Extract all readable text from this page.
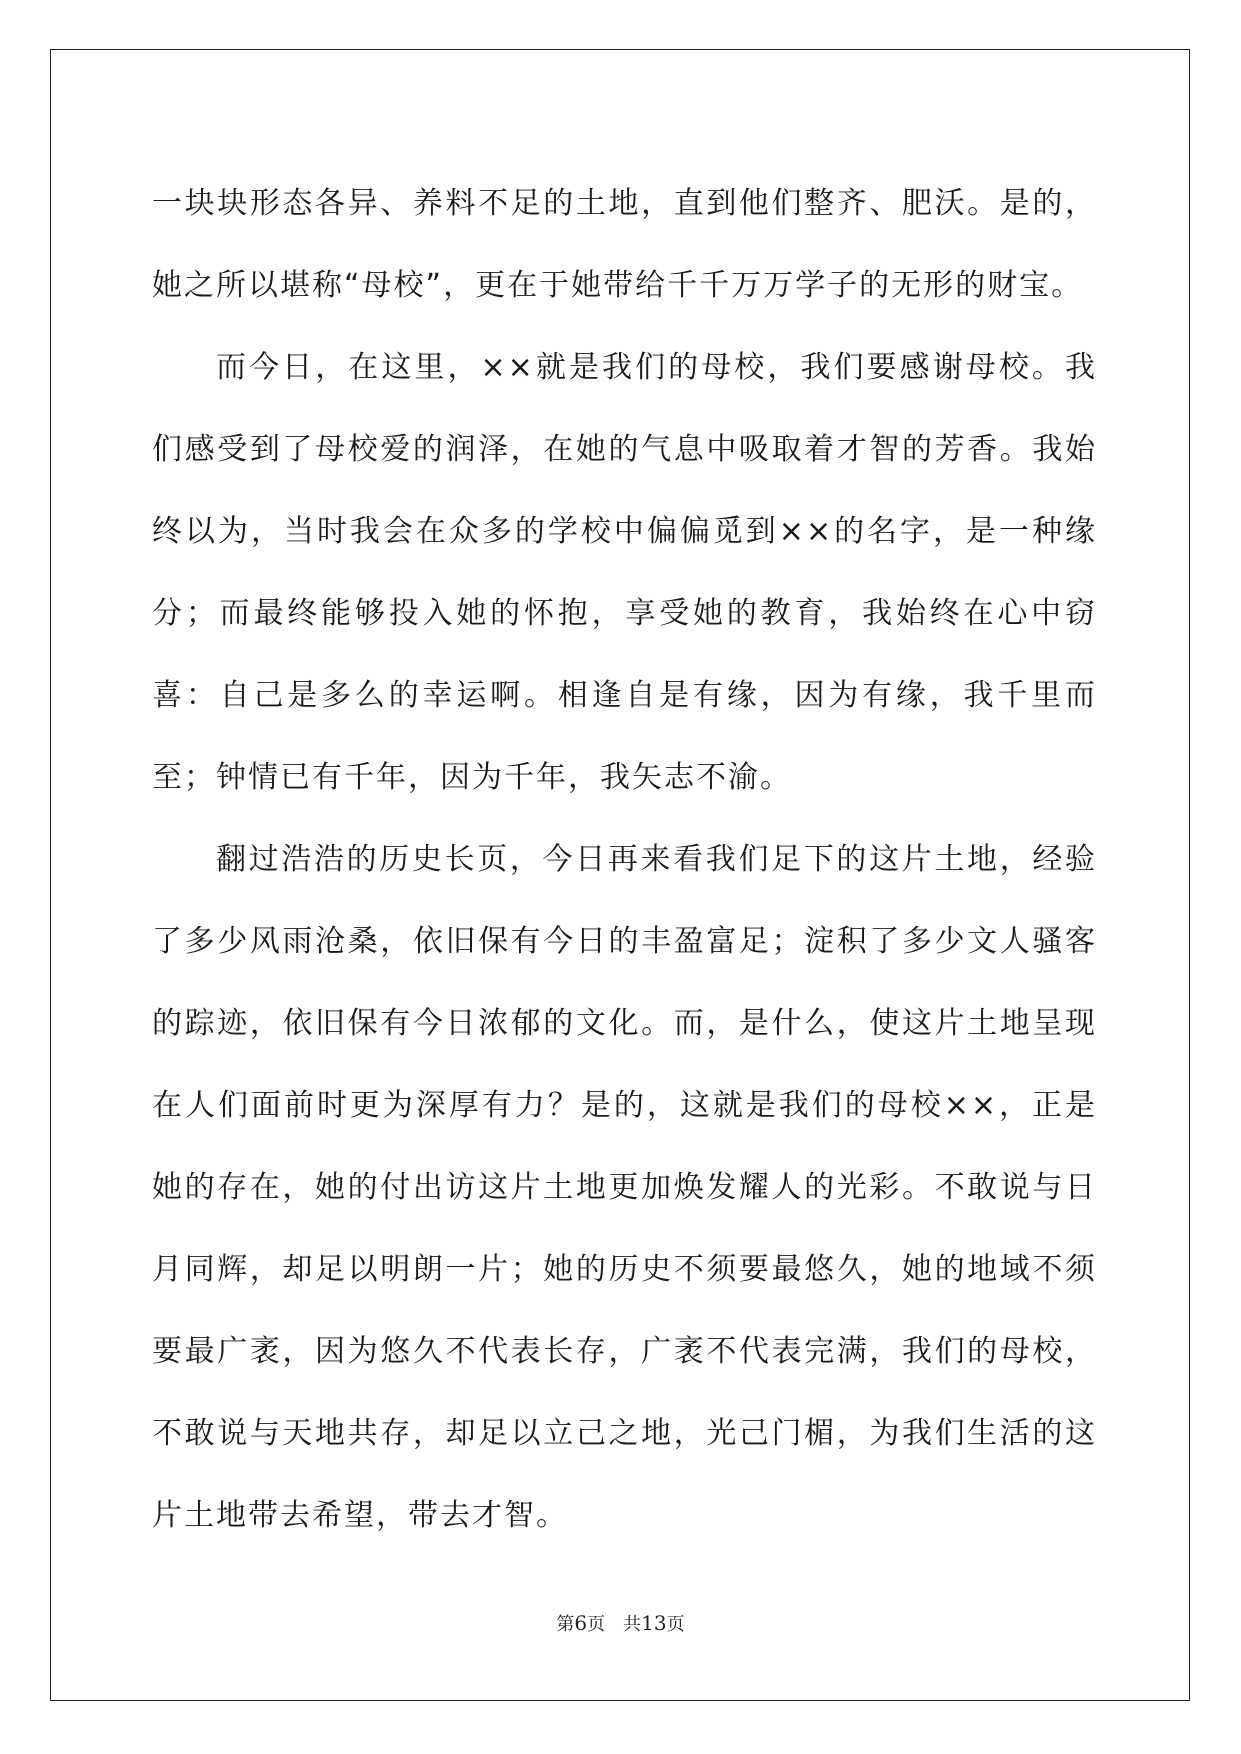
一块块形态各异、养料不足的土地，直到他们整齐、肥沃。是的，她之所以堪称“母校”，更在于她带给千千万万学子的无形的财宝。

而今日，在这里，××就是我们的母校，我们要感谢母校。我们感受到了母校爱的润泽，在她的气息中吸取着才智的芳香。我始终以为，当时我会在众多的学校中偏偏觅到××的名字，是一种缘分；而最终能够投入她的怀抱，享受她的教育，我始终在心中窃喜：自己是多么的幸运啊。相逢自是有缘，因为有缘，我千里而至；钟情已有千年，因为千年，我矢志不渝。

翻过浩浩的历史长页，今日再来看我们足下的这片土地，经验了多少风雨沧桑，依旧保有今日的丰盈富足；淀积了多少文人骚客的踪迹，依旧保有今日浓郁的文化。而，是什么，使这片土地呈现在人们面前时更为深厚有力？是的，这就是我们的母校××，正是她的存在，她的付出访这片土地更加焕发耀人的光彩。不敢说与日月同辉，却足以明朗一片；她的历史不须要最悠久，她的地域不须要最广袤，因为悠久不代表长存，广袤不代表完满，我们的母校，不敢说与天地共存，却足以立己之地，光己门楣，为我们生活的这片土地带去希望，带去才智。

第6页 共13页
